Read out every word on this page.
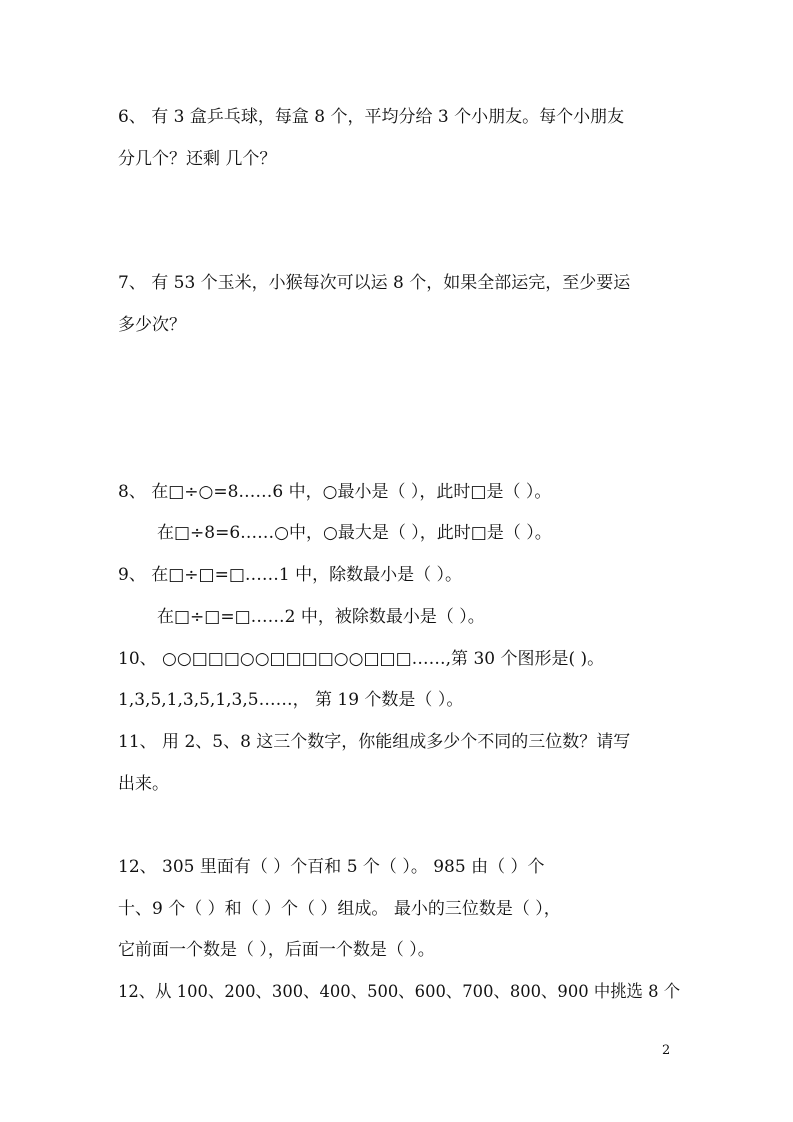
6、 有 3 盒乒乓球，每盒 8 个，平均分给 3 个小朋友。每个小朋友
分几个？还剩 几个？
7、 有 53 个玉米，小猴每次可以运 8 个，如果全部运完，至少要运
多少次？
8、 在□÷○=8……6 中，○最小是（ ），此时□是（ ）。
在□÷8=6……○中，○最大是（ ），此时□是（ ）。
9、 在□÷□=□……1 中，除数最小是（ ）。
在□÷□=□……2 中，被除数最小是（ ）。
10、 ○○□□□○○□□□□○○□□□……,第 30 个图形是( )。
1,3,5,1,3,5,1,3,5……， 第 19 个数是（ ）。
11、 用 2、5、8 这三个数字，你能组成多少个不同的三位数？请写
出来。
12、 305 里面有（ ）个百和 5 个（ ）。 985 由（ ）个
十、9 个（ ）和（ ）个（ ）组成。 最小的三位数是（ ），
它前面一个数是（ ），后面一个数是（ ）。
12、从 100、200、300、400、500、600、700、800、900 中挑选 8 个
2
